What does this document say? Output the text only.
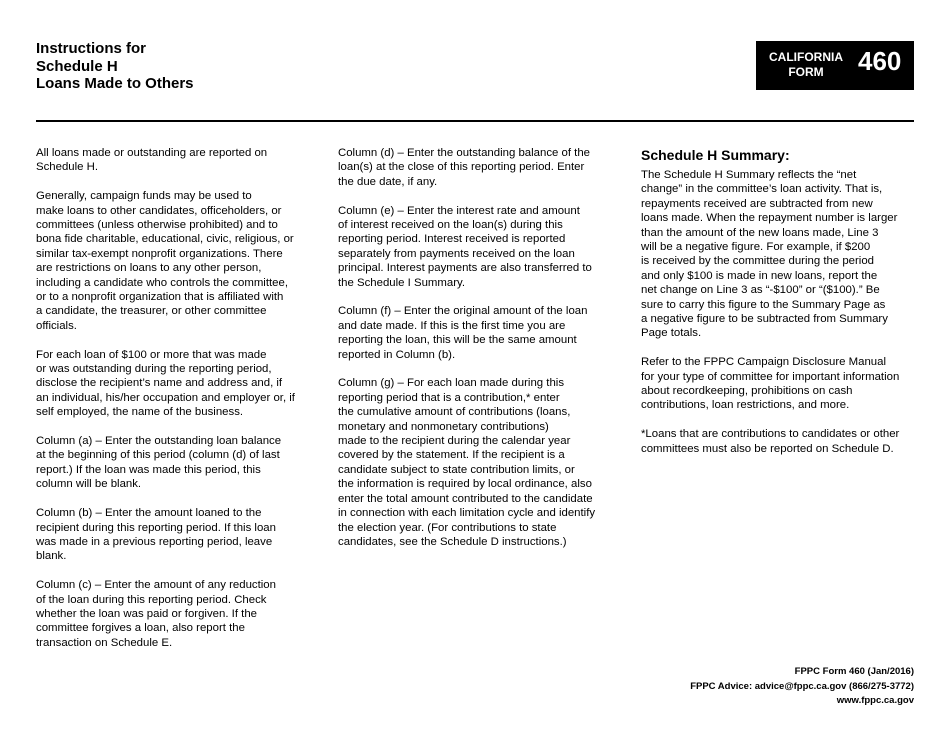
Instructions for
Schedule H
Loans Made to Others
CALIFORNIA
FORM	460

All loans made or outstanding are reported on
Schedule H.

Generally, campaign funds may be used to
make loans to other candidates, officeholders, or
committees (unless otherwise prohibited) and to
bona fide charitable, educational, civic, religious, or
similar tax-exempt nonprofit organizations. There
are restrictions on loans to any other person,
including a candidate who controls the committee,
or to a nonprofit organization that is affiliated with
a candidate, the treasurer, or other committee
officials.

For each loan of $100 or more that was made
or was outstanding during the reporting period,
disclose the recipient’s name and address and, if
an individual, his/her occupation and employer or, if
self employed, the name of the business.

Column (a) – Enter the outstanding loan balance
at the beginning of this period (column (d) of last
report.) If the loan was made this period, this
column will be blank.

Column (b) – Enter the amount loaned to the
recipient during this reporting period. If this loan
was made in a previous reporting period, leave
blank.

Column (c) – Enter the amount of any reduction
of the loan during this reporting period. Check
whether the loan was paid or forgiven. If the
committee forgives a loan, also report the
transaction on Schedule E.

Column (d) – Enter the outstanding balance of the
loan(s) at the close of this reporting period. Enter
the due date, if any.

Column (e) – Enter the interest rate and amount
of interest received on the loan(s) during this
reporting period. Interest received is reported
separately from payments received on the loan
principal. Interest payments are also transferred to
the Schedule I Summary.

Column (f) – Enter the original amount of the loan
and date made. If this is the first time you are
reporting the loan, this will be the same amount
reported in Column (b).

Column (g) – For each loan made during this
reporting period that is a contribution,* enter
the cumulative amount of contributions (loans,
monetary and nonmonetary contributions)
made to the recipient during the calendar year
covered by the statement. If the recipient is a
candidate subject to state contribution limits, or
the information is required by local ordinance, also
enter the total amount contributed to the candidate
in connection with each limitation cycle and identify
the election year. (For contributions to state
candidates, see the Schedule D instructions.)

Schedule H Summary:

The Schedule H Summary reflects the “net
change” in the committee’s loan activity. That is,
repayments received are subtracted from new
loans made. When the repayment number is larger
than the amount of the new loans made, Line 3
will be a negative figure. For example, if $200
is received by the committee during the period
and only $100 is made in new loans, report the
net change on Line 3 as “-$100” or “($100).” Be
sure to carry this figure to the Summary Page as
a negative figure to be subtracted from Summary
Page totals.

Refer to the FPPC Campaign Disclosure Manual
for your type of committee for important information
about recordkeeping, prohibitions on cash
contributions, loan restrictions, and more.

*Loans that are contributions to candidates or other
committees must also be reported on Schedule D.

FPPC Form 460 (Jan/2016)
FPPC Advice: advice@fppc.ca.gov (866/275-3772)
www.fppc.ca.gov
